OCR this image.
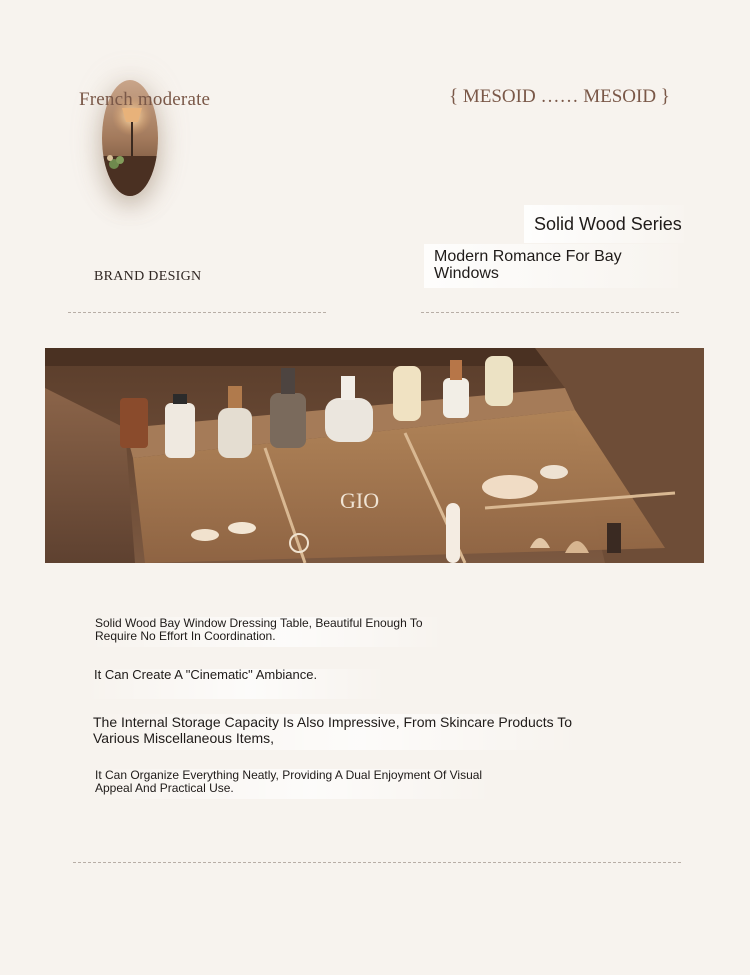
French moderate	{ MESOID …… MESOID }
Solid Wood Series
Modern Romance For Bay Windows
BRAND DESIGN
GIO
Solid Wood Bay Window Dressing Table, Beautiful Enough To Require No Effort In Coordination.
It Can Create A "Cinematic" Ambiance.
The Internal Storage Capacity Is Also Impressive, From Skincare Products To Various Miscellaneous Items,
It Can Organize Everything Neatly, Providing A Dual Enjoyment Of Visual Appeal And Practical Use.
